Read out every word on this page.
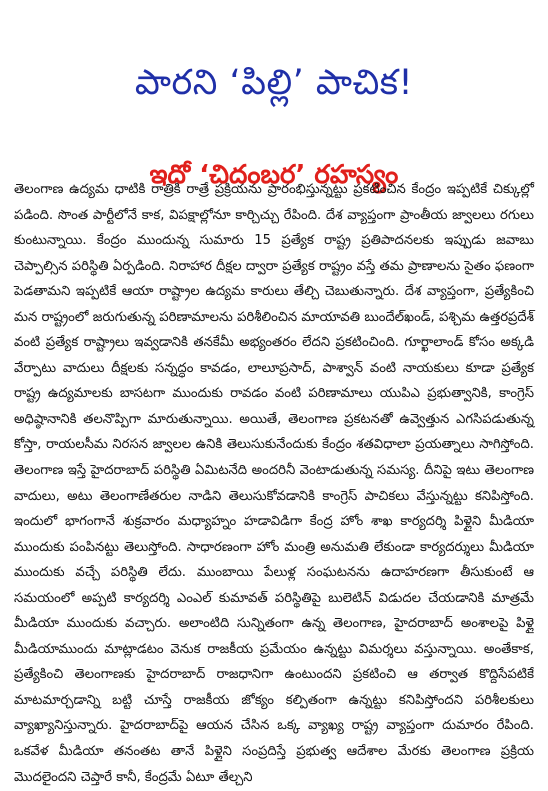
పారని ‘పిల్లి’ పాచిక!
ఇదో ‘చిదంబర’ రహస్యం

తెలంగాణ ఉద్యమ ధాటికి రాత్రికి రాత్రే ప్రక్రియను ప్రారంభిస్తున్నట్టు ప్రకటించిన కేంద్రం ఇప్పటికే చిక్కుల్లో పడింది. సొంత పార్టీలోనే కాక, విపక్షాల్లోనూ కార్చిచ్చు రేపింది. దేశ వ్యాప్తంగా ప్రాంతీయ జ్వాలలు రగులు కుంటున్నాయి. కేంద్రం ముందున్న సుమారు 15 ప్రత్యేక రాష్ట్ర ప్రతిపాదనలకు ఇప్పుడు జవాబు చెప్పాల్సిన పరిస్థితి ఏర్పడింది. నిరాహార దీక్షల ద్వారా ప్రత్యేక రాష్ట్రం వస్తే తమ ప్రాణాలను సైతం ఫణంగా పెడతామని ఇప్పటికే ఆయా రాష్ట్రాల ఉద్యమ కారులు తేల్చి చెబుతున్నారు. దేశ వ్యాప్తంగా, ప్రత్యేకించి మన రాష్ట్రంలో జరుగుతున్న పరిణామాలను పరిశీలించిన మాయావతి బుందేల్‌ఖండ్, పశ్చిమ ఉత్తరప్రదేశ్ వంటి ప్రత్యేక రాష్ట్రాలు ఇవ్వడానికి తనకేమీ అభ్యంతరం లేదని ప్రకటించింది. గూర్ఖాలాండ్ కోసం అక్కడి వేర్పాటు వాదులు దీక్షలకు సన్నద్ధం కావడం, లాలూప్రసాద్, పాశ్వాన్ వంటి నాయకులు కూడా ప్రత్యేక రాష్ట్ర ఉద్యమాలకు బాసటగా ముందుకు రావడం వంటి పరిణామాలు యుపిఎ ప్రభుత్వానికి, కాంగ్రెస్ అధిష్ఠానానికి తలనొప్పిగా మారుతున్నాయి. అయితే, తెలంగాణ ప్రకటనతో ఉవ్వెత్తున ఎగసిపడుతున్న కోస్తా, రాయలసీమ నిరసన జ్వాలల ఉనికి తెలుసుకునేందుకు కేంద్రం శతవిధాలా ప్రయత్నాలు సాగిస్తోంది. తెలంగాణ ఇస్తే హైదరాబాద్ పరిస్థితి ఏమిటనేది అందరినీ వెంటాడుతున్న సమస్య. దీనిపై ఇటు తెలంగాణ వాదులు, అటు తెలంగాణేతరుల నాడిని తెలుసుకోవడానికి కాంగ్రెస్ పాచికలు వేస్తున్నట్టు కనిపిస్తోంది. ఇందులో భాగంగానే శుక్రవారం మధ్యాహ్నం హడావిడిగా కేంద్ర హోం శాఖ కార్యదర్శి పిళ్లైని మీడియా ముందుకు పంపినట్టు తెలుస్తోంది. సాధారణంగా హోం మంత్రి అనుమతి లేకుండా కార్యదర్శులు మీడియా ముందుకు వచ్చే పరిస్థితి లేదు. ముంబాయి పేలుళ్ల సంఘటనను ఉదాహరణగా తీసుకుంటే ఆ సమయంలో అప్పటి కార్యదర్శి ఎంఎల్ కుమావత్ పరిస్థితిపై బులెటిన్ విడుదల చేయడానికి మాత్రమే మీడియా ముందుకు వచ్చారు. అలాంటిది సున్నితంగా ఉన్న తెలంగాణ, హైదరాబాద్ అంశాలపై పిళ్లై మీడియాముందు మాట్లాడటం వెనుక రాజకీయ ప్రమేయం ఉన్నట్టు విమర్శలు వస్తున్నాయి. అంతేకాక, ప్రత్యేకించి తెలంగాణకు హైదరాబాద్ రాజధానిగా ఉంటుందని ప్రకటించి ఆ తర్వాత కొద్దిసేపటికే మాటమార్చడాన్ని బట్టి చూస్తే రాజకీయ జోక్యం కల్పితంగా ఉన్నట్టు కనిపిస్తోందని పరిశీలకులు వ్యాఖ్యానిస్తున్నారు. హైదరాబాద్‌పై ఆయన చేసిన ఒక్క వ్యాఖ్య రాష్ట్ర వ్యాప్తంగా దుమారం రేపింది. ఒకవేళ మీడియా తనంతట తానే పిళ్లైని సంప్రదిస్తే ప్రభుత్వ ఆదేశాల మేరకు తెలంగాణ ప్రక్రియ మొదలైందని చెప్తారే కానీ, కేంద్రమే ఏటూ తేల్చని
